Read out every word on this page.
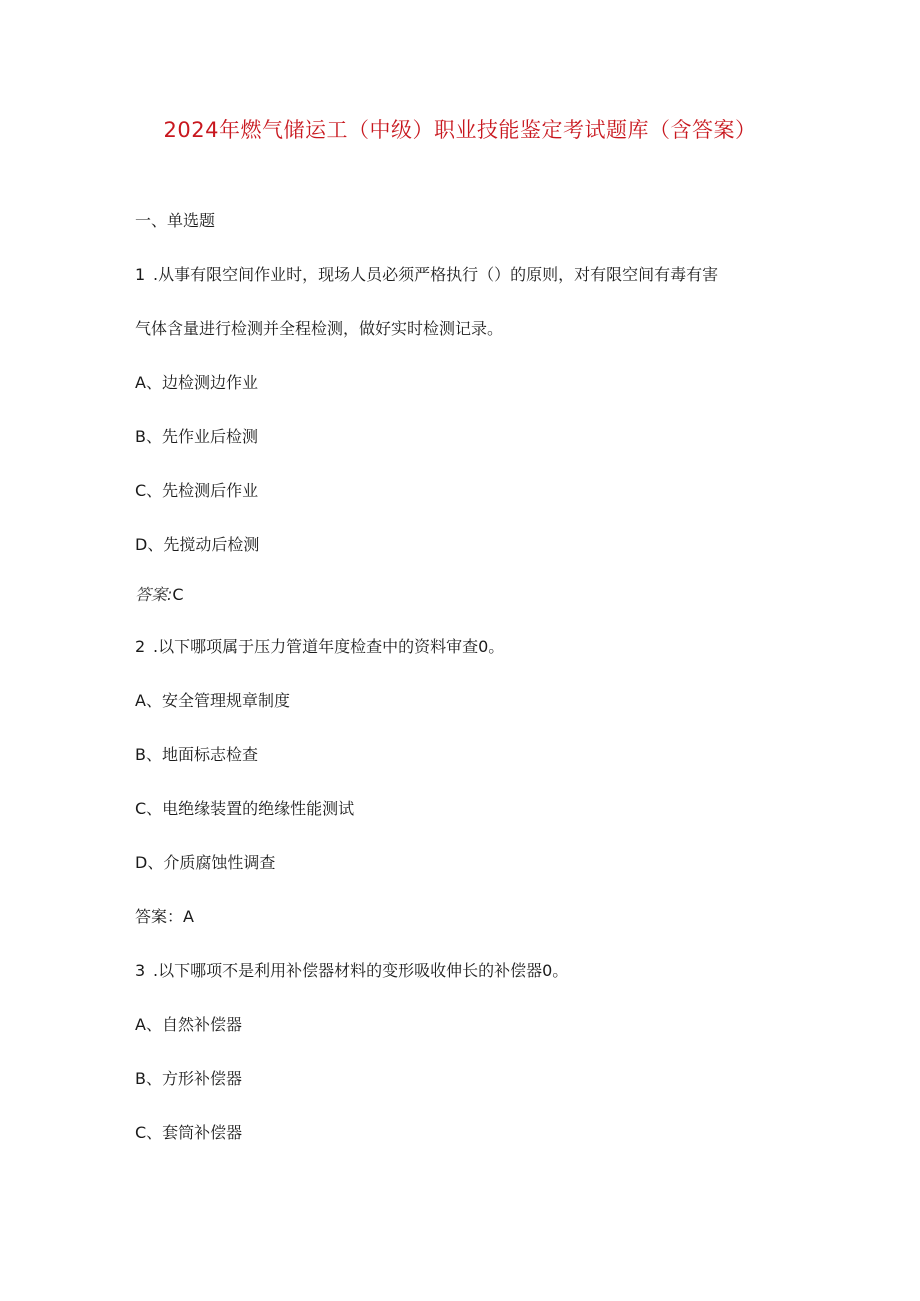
2024年燃气储运工（中级）职业技能鉴定考试题库（含答案）
一、单选题
1 .从事有限空间作业时，现场人员必须严格执行（）的原则，对有限空间有毒有害
气体含量进行检测并全程检测，做好实时检测记录。
A、边检测边作业
B、先作业后检测
C、先检测后作业
D、先搅动后检测
答案:C
2 .以下哪项属于压力管道年度检查中的资料审查0。
A、安全管理规章制度
B、地面标志检查
C、电绝缘装置的绝缘性能测试
D、介质腐蚀性调查
答案：A
3 .以下哪项不是利用补偿器材料的变形吸收伸长的补偿器0。
A、自然补偿器
B、方形补偿器
C、套筒补偿器
